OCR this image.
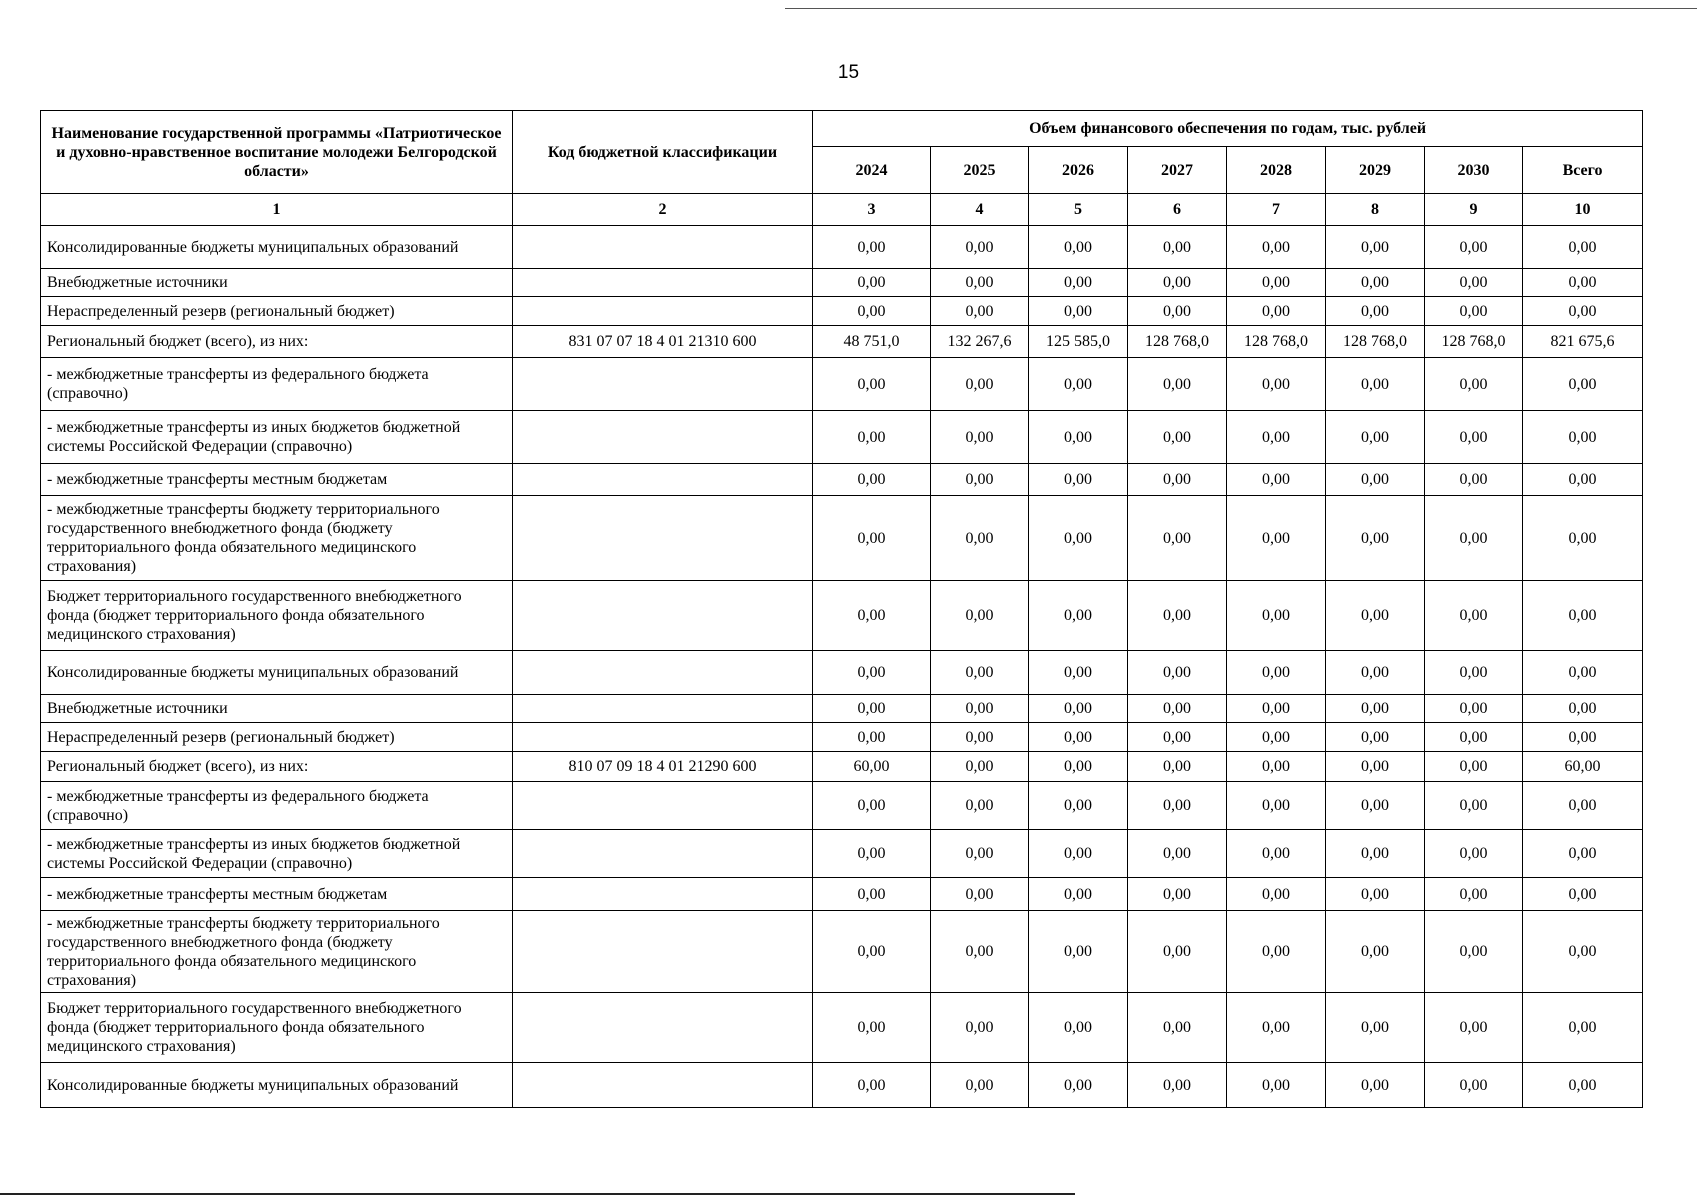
15
Наименование государственной программы «Патриотическое и духовно-нравственное воспитание молодежи Белгородской области»	Код бюджетной классификации	Объем финансового обеспечения по годам, тыс. рублей							
		2024	2025	2026	2027	2028	2029	2030	Всего
1	2	3	4	5	6	7	8	9	10
Консолидированные бюджеты муниципальных образований		0,00	0,00	0,00	0,00	0,00	0,00	0,00	0,00
Внебюджетные источники		0,00	0,00	0,00	0,00	0,00	0,00	0,00	0,00
Нераспределенный резерв (региональный бюджет)		0,00	0,00	0,00	0,00	0,00	0,00	0,00	0,00
Региональный бюджет (всего), из них:	831 07 07 18 4 01 21310 600	48 751,0	132 267,6	125 585,0	128 768,0	128 768,0	128 768,0	128 768,0	821 675,6
- межбюджетные трансферты из федерального бюджета (справочно)		0,00	0,00	0,00	0,00	0,00	0,00	0,00	0,00
- межбюджетные трансферты из иных бюджетов бюджетной системы Российской Федерации (справочно)		0,00	0,00	0,00	0,00	0,00	0,00	0,00	0,00
- межбюджетные трансферты местным бюджетам		0,00	0,00	0,00	0,00	0,00	0,00	0,00	0,00
- межбюджетные трансферты бюджету территориального государственного внебюджетного фонда (бюджету территориального фонда обязательного медицинского страхования)		0,00	0,00	0,00	0,00	0,00	0,00	0,00	0,00
Бюджет территориального государственного внебюджетного фонда (бюджет территориального фонда обязательного медицинского страхования)		0,00	0,00	0,00	0,00	0,00	0,00	0,00	0,00
Консолидированные бюджеты муниципальных образований		0,00	0,00	0,00	0,00	0,00	0,00	0,00	0,00
Внебюджетные источники		0,00	0,00	0,00	0,00	0,00	0,00	0,00	0,00
Нераспределенный резерв (региональный бюджет)		0,00	0,00	0,00	0,00	0,00	0,00	0,00	0,00
Региональный бюджет (всего), из них:	810 07 09 18 4 01 21290 600	60,00	0,00	0,00	0,00	0,00	0,00	0,00	60,00
- межбюджетные трансферты из федерального бюджета (справочно)		0,00	0,00	0,00	0,00	0,00	0,00	0,00	0,00
- межбюджетные трансферты из иных бюджетов бюджетной системы Российской Федерации (справочно)		0,00	0,00	0,00	0,00	0,00	0,00	0,00	0,00
- межбюджетные трансферты местным бюджетам		0,00	0,00	0,00	0,00	0,00	0,00	0,00	0,00
- межбюджетные трансферты бюджету территориального государственного внебюджетного фонда (бюджету территориального фонда обязательного медицинского страхования)		0,00	0,00	0,00	0,00	0,00	0,00	0,00	0,00
Бюджет территориального государственного внебюджетного фонда (бюджет территориального фонда обязательного медицинского страхования)		0,00	0,00	0,00	0,00	0,00	0,00	0,00	0,00
Консолидированные бюджеты муниципальных образований		0,00	0,00	0,00	0,00	0,00	0,00	0,00	0,00
